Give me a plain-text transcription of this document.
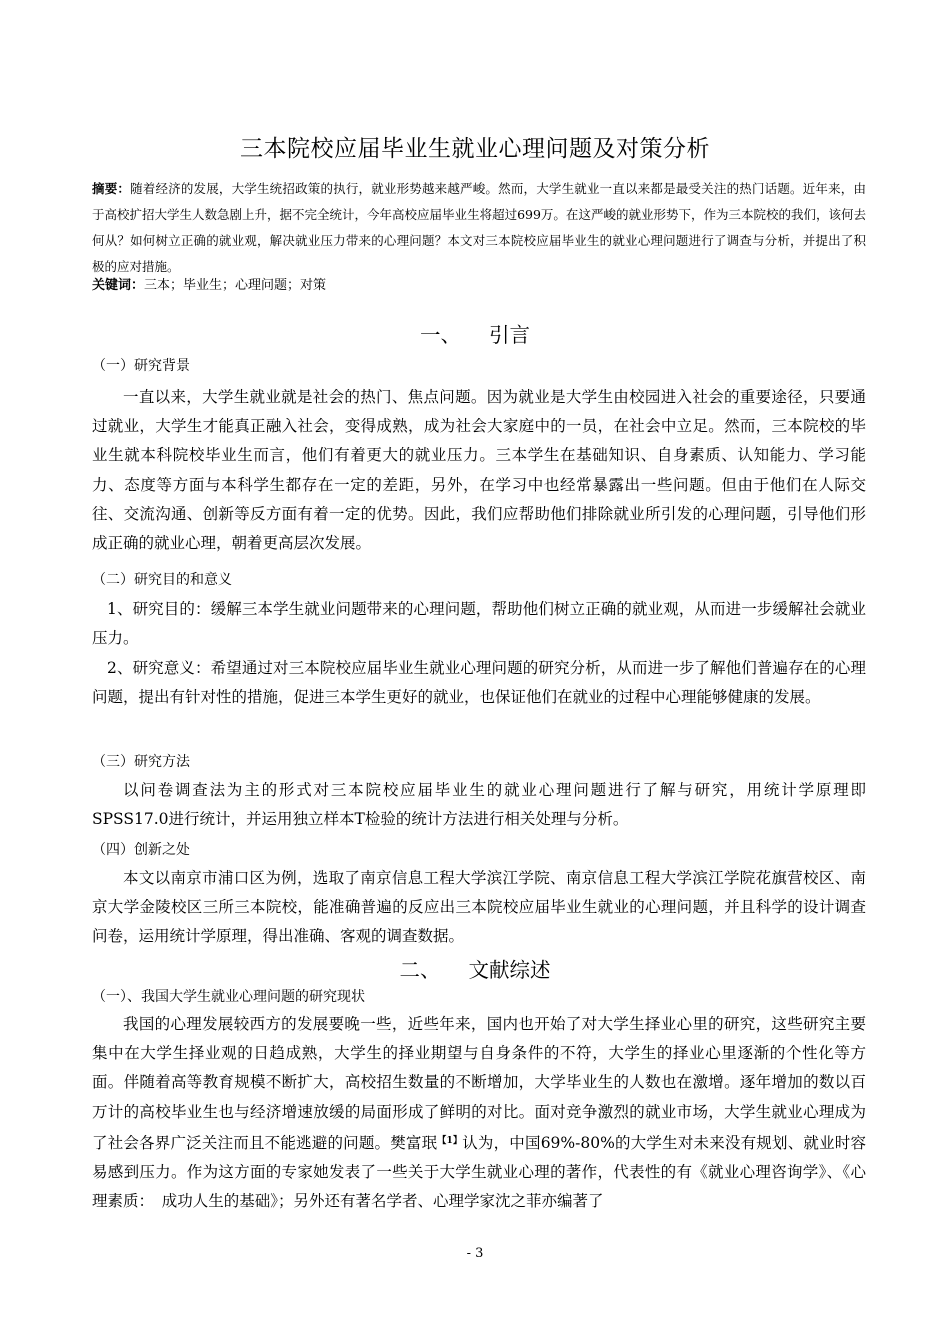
三本院校应届毕业生就业心理问题及对策分析
摘要：随着经济的发展，大学生统招政策的执行，就业形势越来越严峻。然而，大学生就业一直以来都是最受关注的热门话题。近年来，由于高校扩招大学生人数急剧上升，据不完全统计，今年高校应届毕业生将超过699万。在这严峻的就业形势下，作为三本院校的我们，该何去何从？如何树立正确的就业观，解决就业压力带来的心理问题？本文对三本院校应届毕业生的就业心理问题进行了调查与分析，并提出了积极的应对措施。
关键词：三本；毕业生；心理问题；对策
一、 引言
（一）研究背景

一直以来，大学生就业就是社会的热门、焦点问题。因为就业是大学生由校园进入社会的重要途径，只要通过就业，大学生才能真正融入社会，变得成熟，成为社会大家庭中的一员，在社会中立足。然而，三本院校的毕业生就本科院校毕业生而言，他们有着更大的就业压力。三本学生在基础知识、自身素质、认知能力、学习能力、态度等方面与本科学生都存在一定的差距，另外，在学习中也经常暴露出一些问题。但由于他们在人际交往、交流沟通、创新等反方面有着一定的优势。因此，我们应帮助他们排除就业所引发的心理问题，引导他们形成正确的就业心理，朝着更高层次发展。

（二）研究目的和意义

1、研究目的：缓解三本学生就业问题带来的心理问题，帮助他们树立正确的就业观，从而进一步缓解社会就业压力。

2、研究意义：希望通过对三本院校应届毕业生就业心理问题的研究分析，从而进一步了解他们普遍存在的心理问题，提出有针对性的措施，促进三本学生更好的就业，也保证他们在就业的过程中心理能够健康的发展。

（三）研究方法

以问卷调查法为主的形式对三本院校应届毕业生的就业心理问题进行了解与研究，用统计学原理即SPSS17.0进行统计，并运用独立样本T检验的统计方法进行相关处理与分析。

（四）创新之处

本文以南京市浦口区为例，选取了南京信息工程大学滨江学院、南京信息工程大学滨江学院花旗营校区、南京大学金陵校区三所三本院校，能准确普遍的反应出三本院校应届毕业生就业的心理问题，并且科学的设计调查问卷，运用统计学原理，得出准确、客观的调查数据。

二、 文献综述
（一）、我国大学生就业心理问题的研究现状

我国的心理发展较西方的发展要晚一些，近些年来，国内也开始了对大学生择业心里的研究，这些研究主要集中在大学生择业观的日趋成熟，大学生的择业期望与自身条件的不符，大学生的择业心里逐渐的个性化等方面。伴随着高等教育规模不断扩大，高校招生数量的不断增加，大学毕业生的人数也在激增。逐年增加的数以百万计的高校毕业生也与经济增速放缓的局面形成了鲜明的对比。面对竞争激烈的就业市场，大学生就业心理成为了社会各界广泛关注而且不能逃避的问题。樊富珉$^{【1】}$认为，中国69%-80%的大学生对未来没有规划、就业时容易感到压力。作为这方面的专家她发表了一些关于大学生就业心理的著作，代表性的有《就业心理咨询学》、《心理素质：　成功人生的基础》；另外还有著名学者、心理学家沈之菲亦编著了

- 3
